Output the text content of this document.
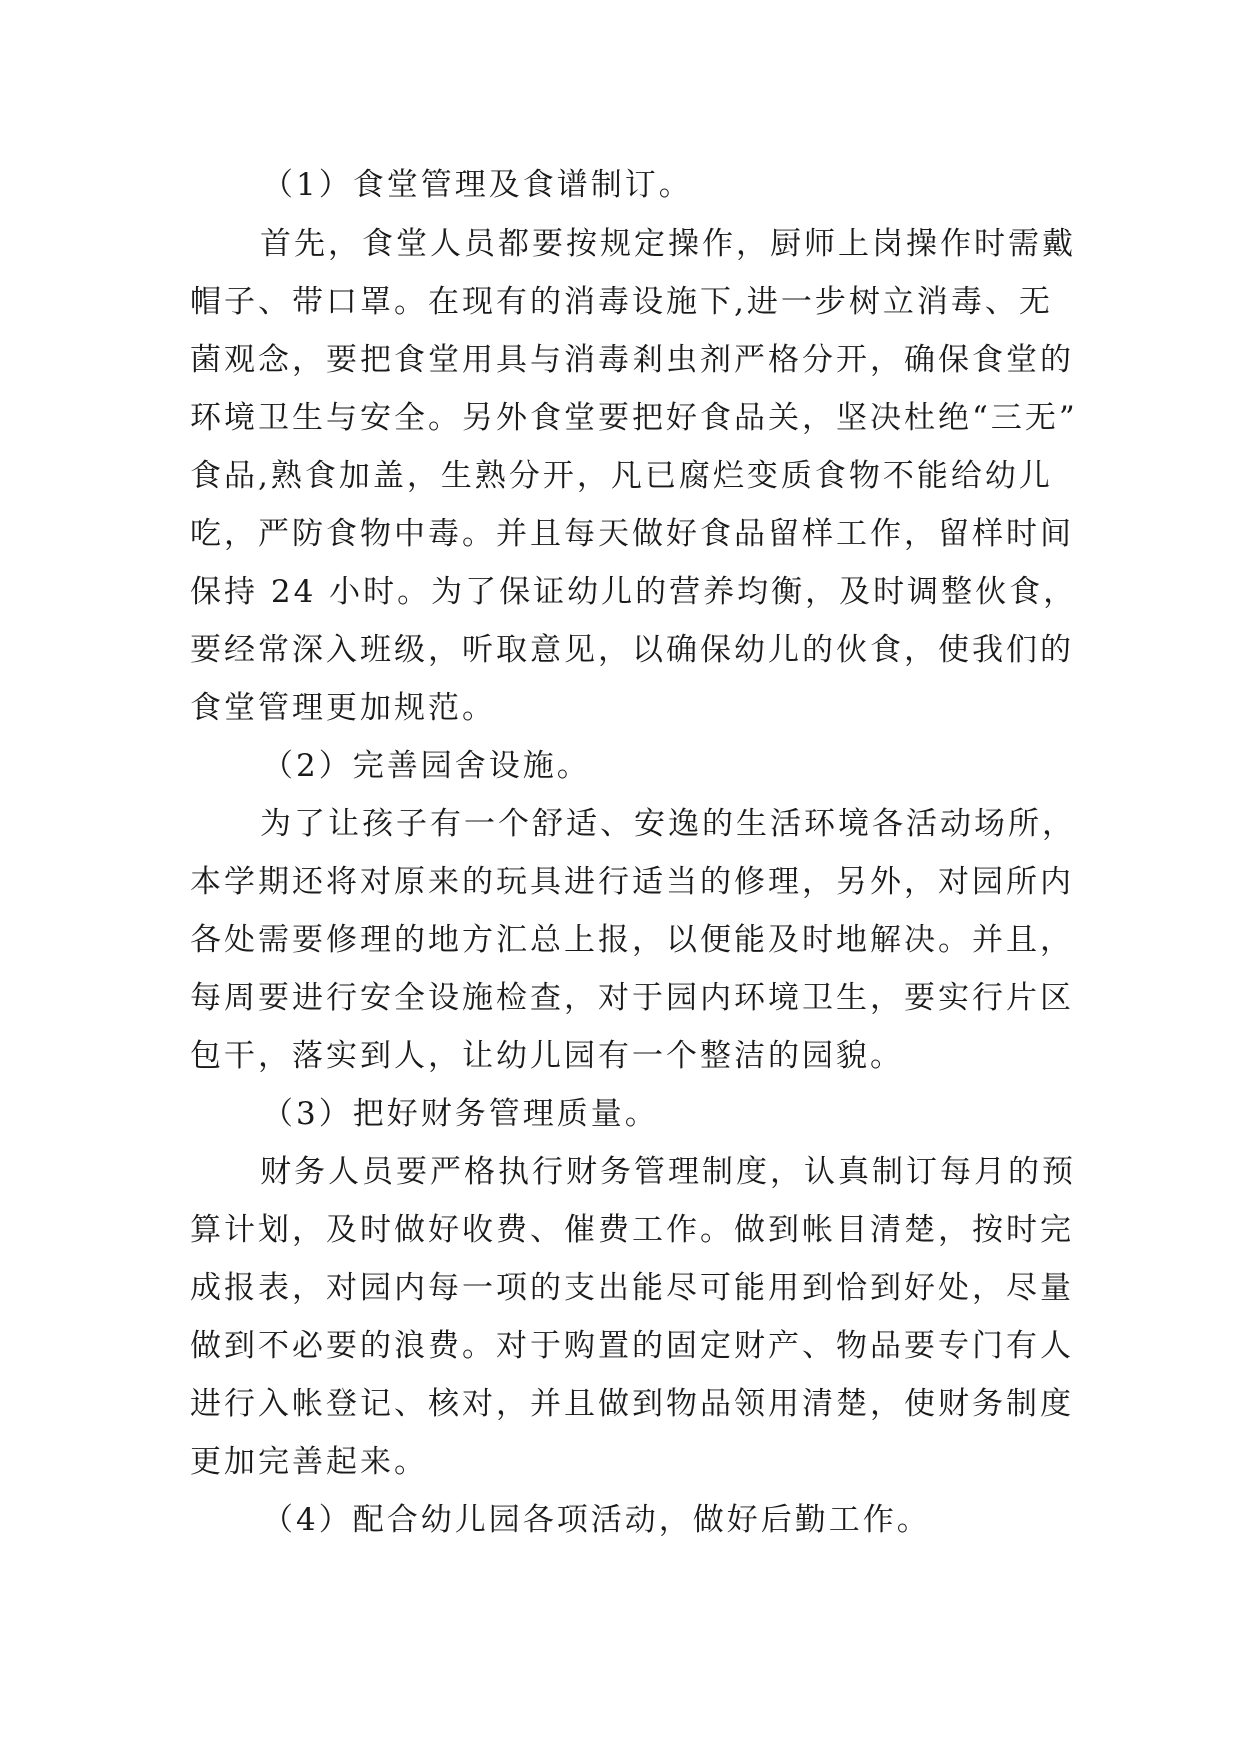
（1）食堂管理及食谱制订。
首先，食堂人员都要按规定操作，厨师上岗操作时需戴
帽子、带口罩。在现有的消毒设施下,进一步树立消毒、无
菌观念，要把食堂用具与消毒剎虫剂严格分开，确保食堂的
环境卫生与安全。另外食堂要把好食品关，坚决杜绝“三无”
食品,熟食加盖，生熟分开，凡已腐烂变质食物不能给幼儿
吃，严防食物中毒。并且每天做好食品留样工作，留样时间
保持 24 小时。为了保证幼儿的营养均衡，及时调整伙食，
要经常深入班级，听取意见，以确保幼儿的伙食，使我们的
食堂管理更加规范。
（2）完善园舍设施。
为了让孩子有一个舒适、安逸的生活环境各活动场所，
本学期还将对原来的玩具进行适当的修理，另外，对园所内
各处需要修理的地方汇总上报，以便能及时地解决。并且，
每周要进行安全设施检查，对于园内环境卫生，要实行片区
包干，落实到人，让幼儿园有一个整洁的园貌。
（3）把好财务管理质量。
财务人员要严格执行财务管理制度，认真制订每月的预
算计划，及时做好收费、催费工作。做到帐目清楚，按时完
成报表，对园内每一项的支出能尽可能用到恰到好处，尽量
做到不必要的浪费。对于购置的固定财产、物品要专门有人
进行入帐登记、核对，并且做到物品领用清楚，使财务制度
更加完善起来。
（4）配合幼儿园各项活动，做好后勤工作。
